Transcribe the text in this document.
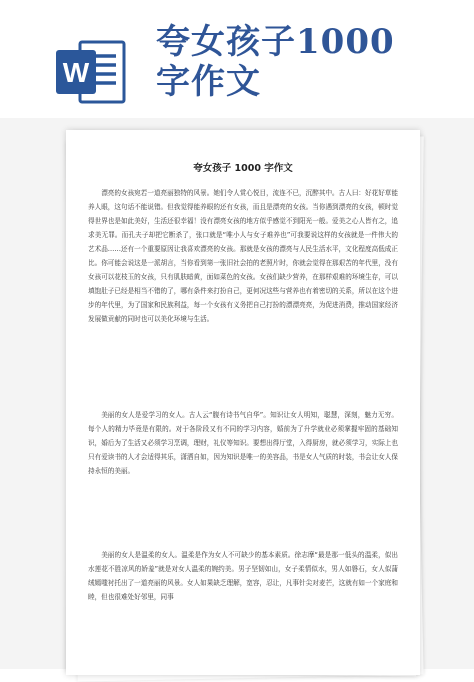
W
夸女孩子1000
字作文
夸女孩子 1000 字作文

漂亮的女孩宛若一道亮丽独特的风景。她们令人赏心悦目，流连不已，沉醉其中。古人曰：好花好草能养人眼，这句话不能说错。但我觉得能养眼的还有女孩，而且是漂亮的女孩。当你遇到漂亮的女孩，顿时觉得世界也是如此美好，生活还很幸福！没有漂亮女孩的地方似乎感觉不到阳光一般。爱美之心人皆有之，追求美无罪。而孔夫子却把它断杀了，张口就是“唯小人与女子难养也”可我要说这样的女孩就是一件伟大的艺术品……还有一个重要原因让我喜欢漂亮的女孩。那就是女孩的漂亮与人民生活水平，文化程度高低成正比。你可能会说这是一派胡言，当你看到第一张旧社会拍的老照片时，你就会觉得在那艰苦的年代里，没有女孩可以花枝玉的女孩，只有肌肤暗黄，面如菜色的女孩。女孩们缺少营养，在那样艰难的环境生存，可以填饱肚子已经是相当不错的了，哪有条件来打扮自己，更何况这些与营养也有着密切的关系，所以在这个进步的年代里，为了国家和民族利益，每一个女孩有义务把自己打扮的漂漂亮亮，为促进消费，推动国家经济发展做贡献的同时也可以美化环境与生活。

美丽的女人是爱学习的女人。古人云“腹有诗书气自华”。知识让女人明知，聪慧，深刻，魅力无穷。每个人的精力毕竟是有限的。对于各阶段又有不同的学习内容，婚前为了升学就业必须掌握牢固的基础知识，婚后为了生活又必须学习烹调，理财，礼仪等知识。要想出得厅堂，入得厨房，就必须学习，实际上也只有爱读书的人才会适得其乐，潇洒自如，因为知识是唯一的美容品，书是女人气质的时装，书会让女人保持永恒的美丽。

美丽的女人是温柔的女人。温柔是作为女人不可缺少的基本素质。徐志摩“最是那一低头的温柔，似出水莲花不胜凉风的娇羞”就是对女人温柔的婉约美。男子坚韧如山，女子柔情似水，男人如磐石，女人似蒲绒嫣嗤衬托出了一道亮丽的风景。女人如果缺乏理解，宽容，忍让，凡事针尖对麦芒，这就有如一个家庭和睦，但也很难处好邻里，同事
